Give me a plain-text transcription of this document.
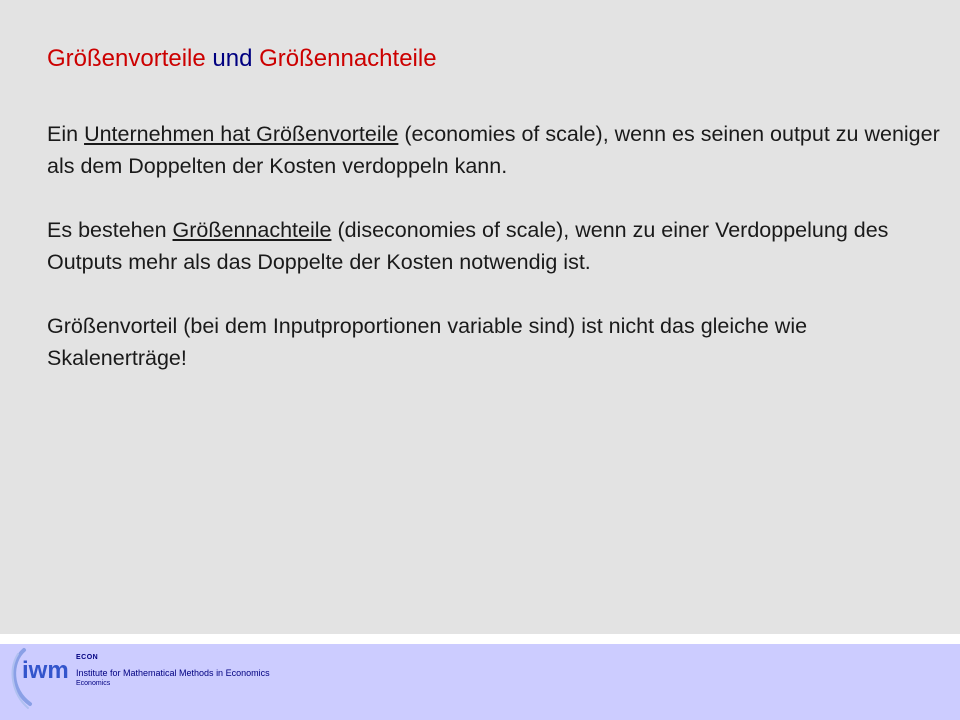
Größenvorteile und Größennachteile

Ein Unternehmen hat Größenvorteile (economies of scale), wenn es seinen output zu weniger als dem Doppelten der Kosten verdoppeln kann.

Es bestehen Größennachteile (diseconomies of scale), wenn zu einer Verdoppelung des Outputs mehr als das Doppelte der Kosten notwendig ist.

Größenvorteil (bei dem Inputproportionen variable sind) ist nicht das gleiche wie Skalenerträge!

iwm ECON
Institute for Mathematical Methods in Economics
Economics
